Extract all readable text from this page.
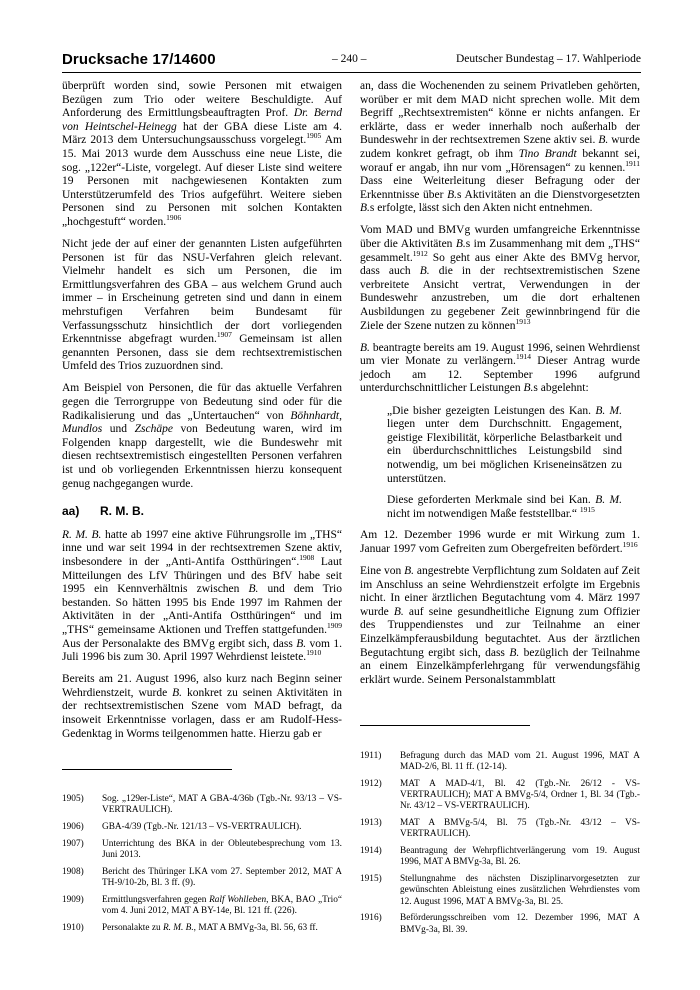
Drucksache 17/14600	– 240 –	Deutscher Bundestag – 17. Wahlperiode

überprüft worden sind, sowie Personen mit etwaigen Bezügen zum Trio oder weitere Beschuldigte. Auf Anforderung des Ermittlungsbeauftragten Prof. Dr. Bernd von Heintschel-Heinegg hat der GBA diese Liste am 4. März 2013 dem Untersuchungsausschuss vorgelegt.$^{1905}$ Am 15. Mai 2013 wurde dem Ausschuss eine neue Liste, die sog. „122er“-Liste, vorgelegt. Auf dieser Liste sind weitere 19 Personen mit nachgewiesenen Kontakten zum Unterstützerumfeld des Trios aufgeführt. Weitere sieben Personen sind zu Personen mit solchen Kontakten „hochgestuft“ worden.$^{1906}$

Nicht jede der auf einer der genannten Listen aufgeführten Personen ist für das NSU-Verfahren gleich relevant. Vielmehr handelt es sich um Personen, die im Ermittlungsverfahren des GBA – aus welchem Grund auch immer – in Erscheinung getreten sind und dann in einem mehrstufigen Verfahren beim Bundesamt für Verfassungsschutz hinsichtlich der dort vorliegenden Erkenntnisse abgefragt wurden.$^{1907}$ Gemeinsam ist allen genannten Personen, dass sie dem rechtsextremistischen Umfeld des Trios zuzuordnen sind.

Am Beispiel von Personen, die für das aktuelle Verfahren gegen die Terrorgruppe von Bedeutung sind oder für die Radikalisierung und das „Untertauchen“ von Böhnhardt, Mundlos und Zschäpe von Bedeutung waren, wird im Folgenden knapp dargestellt, wie die Bundeswehr mit diesen rechtsextremistisch eingestellten Personen verfahren ist und ob vorliegenden Erkenntnissen hierzu konsequent genug nachgegangen wurde.

aa) R. M. B.

R. M. B. hatte ab 1997 eine aktive Führungsrolle im „THS“ inne und war seit 1994 in der rechtsextremen Szene aktiv, insbesondere in der „Anti-Antifa Ostthüringen“.$^{1908}$ Laut Mitteilungen des LfV Thüringen und des BfV habe seit 1995 ein Kennverhältnis zwischen B. und dem Trio bestanden. So hätten 1995 bis Ende 1997 im Rahmen der Aktivitäten in der „Anti-Antifa Ostthüringen“ und im „THS“ gemeinsame Aktionen und Treffen stattgefunden.$^{1909}$ Aus der Personalakte des BMVg ergibt sich, dass B. vom 1. Juli 1996 bis zum 30. April 1997 Wehrdienst leistete.$^{1910}$

Bereits am 21. August 1996, also kurz nach Beginn seiner Wehrdienstzeit, wurde B. konkret zu seinen Aktivitäten in der rechtsextremistischen Szene vom MAD befragt, da insoweit Erkenntnisse vorlagen, dass er am Rudolf-Hess-Gedenktag in Worms teilgenommen hatte. Hierzu gab er

an, dass die Wochenenden zu seinem Privatleben gehörten, worüber er mit dem MAD nicht sprechen wolle. Mit dem Begriff „Rechtsextremisten“ könne er nichts anfangen. Er erklärte, dass er weder innerhalb noch außerhalb der Bundeswehr in der rechtsextremen Szene aktiv sei. B. wurde zudem konkret gefragt, ob ihm Tino Brandt bekannt sei, worauf er angab, ihn nur vom „Hörensagen“ zu kennen.$^{1911}$ Dass eine Weiterleitung dieser Befragung oder der Erkenntnisse über B.s Aktivitäten an die Dienstvorgesetzten B.s erfolgte, lässt sich den Akten nicht entnehmen.

Vom MAD und BMVg wurden umfangreiche Erkenntnisse über die Aktivitäten B.s im Zusammenhang mit dem „THS“ gesammelt.$^{1912}$ So geht aus einer Akte des BMVg hervor, dass auch B. die in der rechtsextremistischen Szene verbreitete Ansicht vertrat, Verwendungen in der Bundeswehr anzustreben, um die dort erhaltenen Ausbildungen zu gegebener Zeit gewinnbringend für die Ziele der Szene nutzen zu können$^{1913}$

B. beantragte bereits am 19. August 1996, seinen Wehrdienst um vier Monate zu verlängern.$^{1914}$ Dieser Antrag wurde jedoch am 12. September 1996 aufgrund unterdurchschnittlicher Leistungen B.s abgelehnt:

„Die bisher gezeigten Leistungen des Kan. B. M. liegen unter dem Durchschnitt. Engagement, geistige Flexibilität, körperliche Belastbarkeit und ein überdurchschnittliches Leistungsbild sind notwendig, um bei möglichen Kriseneinsätzen zu unterstützen.

Diese geforderten Merkmale sind bei Kan. B. M. nicht im notwendigen Maße feststellbar.“ $^{1915}$

Am 12. Dezember 1996 wurde er mit Wirkung zum 1. Januar 1997 vom Gefreiten zum Obergefreiten befördert.$^{1916}$

Eine von B. angestrebte Verpflichtung zum Soldaten auf Zeit im Anschluss an seine Wehrdienstzeit erfolgte im Ergebnis nicht. In einer ärztlichen Begutachtung vom 4. März 1997 wurde B. auf seine gesundheitliche Eignung zum Offizier des Truppendienstes und zur Teilnahme an einer Einzelkämpferausbildung begutachtet. Aus der ärztlichen Begutachtung ergibt sich, dass B. bezüglich der Teilnahme an einem Einzelkämpferlehrgang für verwendungsfähig erklärt wurde. Seinem Personalstammblatt

1905)	Sog. „129er-Liste“, MAT A GBA-4/36b (Tgb.-Nr. 93/13 – VS-VERTRAULICH).
1906)	GBA-4/39 (Tgb.-Nr. 121/13 – VS-VERTRAULICH).
1907)	Unterrichtung des BKA in der Obleutebesprechung vom 13. Juni 2013.
1908)	Bericht des Thüringer LKA vom 27. September 2012, MAT A TH-9/10-2b, Bl. 3 ff. (9).
1909)	Ermittlungsverfahren gegen Ralf Wohlleben, BKA, BAO „Trio“ vom 4. Juni 2012, MAT A BY-14e, Bl. 121 ff. (226).
1910)	Personalakte zu R. M. B., MAT A BMVg-3a, Bl. 56, 63 ff.
1911)	Befragung durch das MAD vom 21. August 1996, MAT A MAD-2/6, Bl. 11 ff. (12-14).
1912)	MAT A MAD-4/1, Bl. 42 (Tgb.-Nr. 26/12 - VS-VERTRAULICH); MAT A BMVg-5/4, Ordner 1, Bl. 34 (Tgb.-Nr. 43/12 – VS-VERTRAULICH).
1913)	MAT A BMVg-5/4, Bl. 75 (Tgb.-Nr. 43/12 – VS-VERTRAULICH).
1914)	Beantragung der Wehrpflichtverlängerung vom 19. August 1996, MAT A BMVg-3a, Bl. 26.
1915)	Stellungnahme des nächsten Disziplinarvorgesetzten zur gewünschten Ableistung eines zusätzlichen Wehrdienstes vom 12. August 1996, MAT A BMVg-3a, Bl. 25.
1916)	Beförderungsschreiben vom 12. Dezember 1996, MAT A BMVg-3a, Bl. 39.
